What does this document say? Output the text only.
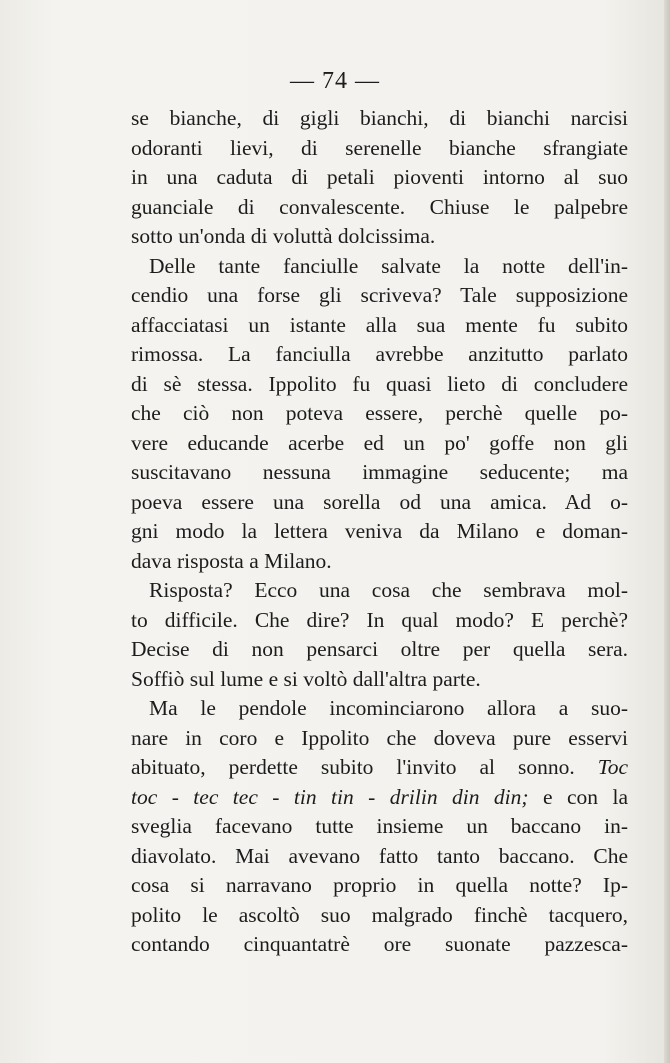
— 74 —
se bianche, di gigli bianchi, di bianchi narcisi
odoranti lievi, di serenelle bianche sfrangiate
in una caduta di petali pioventi intorno al suo
guanciale di convalescente. Chiuse le palpebre
sotto un'onda di voluttà dolcissima.
Delle tante fanciulle salvate la notte dell'in-
cendio una forse gli scriveva? Tale supposizione
affacciatasi un istante alla sua mente fu subito
rimossa. La fanciulla avrebbe anzitutto parlato
di sè stessa. Ippolito fu quasi lieto di concludere
che ciò non poteva essere, perchè quelle po-
vere educande acerbe ed un po' goffe non gli
suscitavano nessuna immagine seducente; ma
poeva essere una sorella od una amica. Ad o-
gni modo la lettera veniva da Milano e doman-
dava risposta a Milano.
Risposta? Ecco una cosa che sembrava mol-
to difficile. Che dire? In qual modo? E perchè?
Decise di non pensarci oltre per quella sera.
Soffiò sul lume e si voltò dall'altra parte.
Ma le pendole incominciarono allora a suo-
nare in coro e Ippolito che doveva pure esservi
abituato, perdette subito l'invito al sonno. Toc
toc - tec tec - tin tin - drilin din din; e con la
sveglia facevano tutte insieme un baccano in-
diavolato. Mai avevano fatto tanto baccano. Che
cosa si narravano proprio in quella notte? Ip-
polito le ascoltò suo malgrado finchè tacquero,
contando cinquantatrè ore suonate pazzesca-
